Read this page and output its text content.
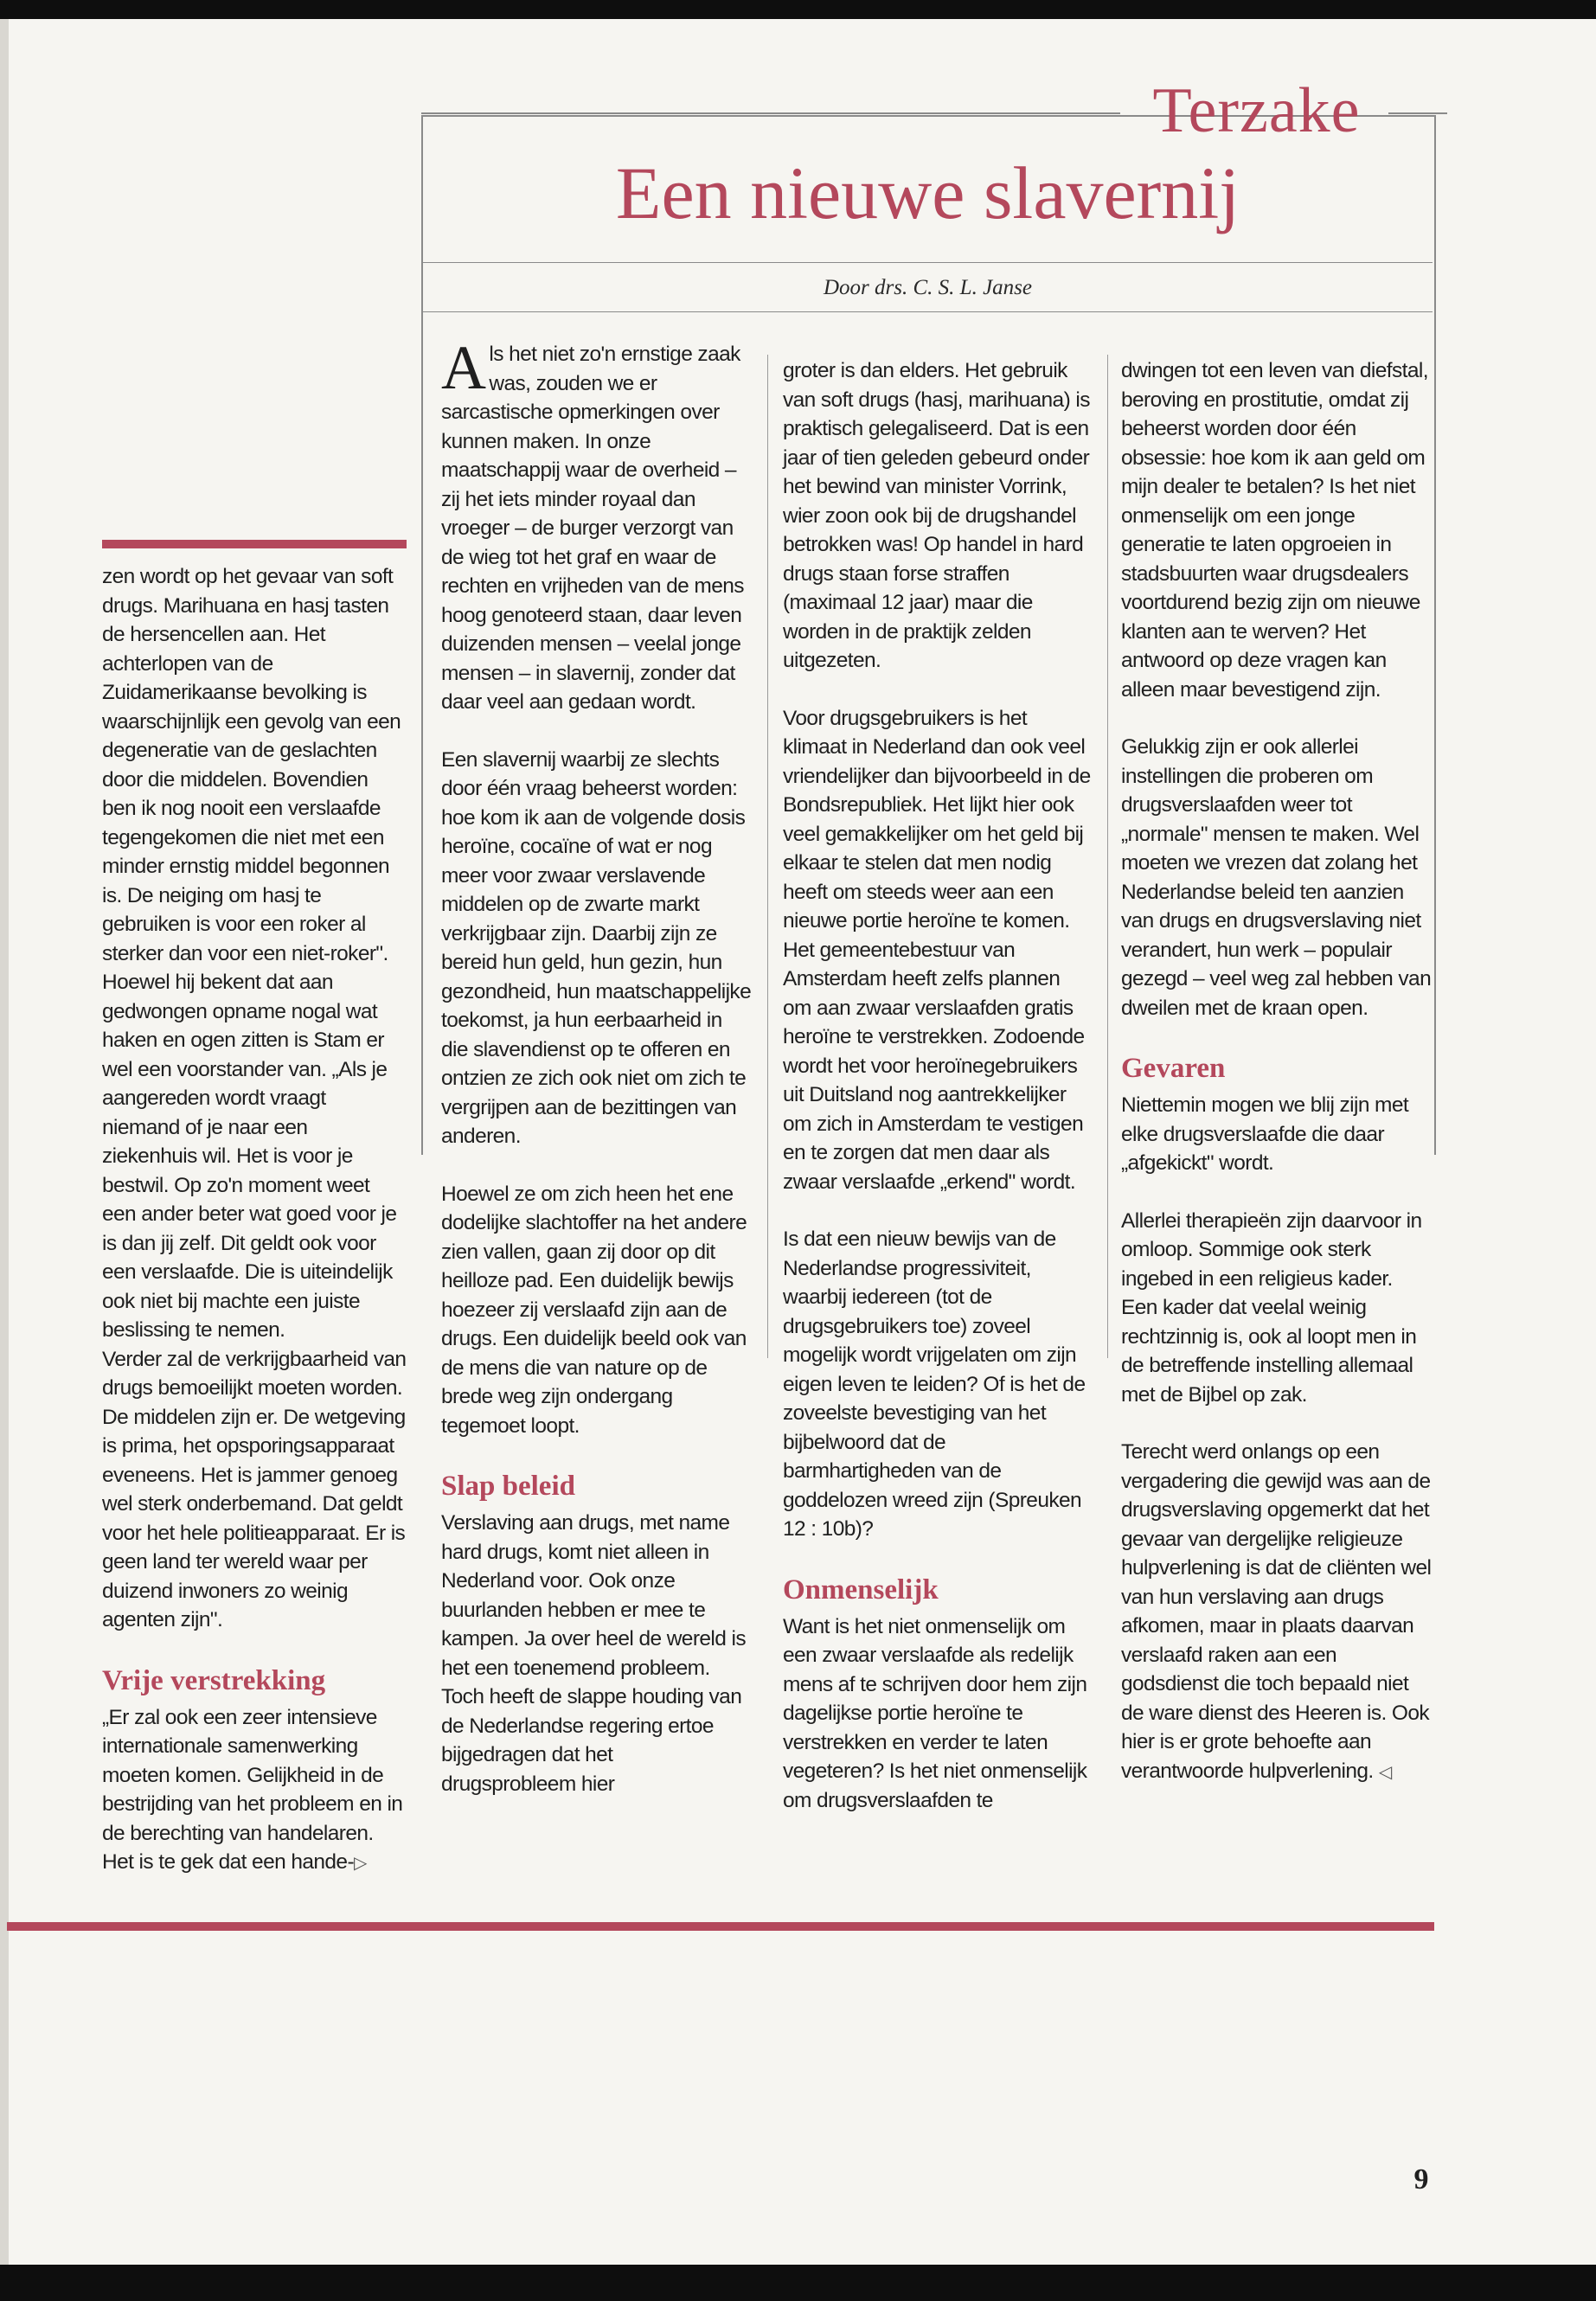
Terzake
Een nieuwe slavernij
Door drs. C. S. L. Janse

zen wordt op het gevaar van soft drugs. Marihuana en hasj tasten de hersencellen aan. Het achterlopen van de Zuidamerikaanse bevolking is waarschijnlijk een gevolg van een degeneratie van de geslachten door die middelen. Bovendien ben ik nog nooit een verslaafde tegengekomen die niet met een minder ernstig middel begonnen is. De neiging om hasj te gebruiken is voor een roker al sterker dan voor een niet-roker".

Hoewel hij bekent dat aan gedwongen opname nogal wat haken en ogen zitten is Stam er wel een voorstander van. „Als je aangereden wordt vraagt niemand of je naar een ziekenhuis wil. Het is voor je bestwil. Op zo'n moment weet een ander beter wat goed voor je is dan jij zelf. Dit geldt ook voor een verslaafde. Die is uiteindelijk ook niet bij machte een juiste beslissing te nemen.

Verder zal de verkrijgbaarheid van drugs bemoeilijkt moeten worden. De middelen zijn er. De wetgeving is prima, het opsporingsapparaat eveneens. Het is jammer genoeg wel sterk onderbemand. Dat geldt voor het hele politieapparaat. Er is geen land ter wereld waar per duizend inwoners zo weinig agenten zijn".

Vrije verstrekking

„Er zal ook een zeer intensieve internationale samenwerking moeten komen. Gelijkheid in de bestrijding van het probleem en in de berechting van handelaren. Het is te gek dat een hande-▷

Als het niet zo'n ernstige zaak was, zouden we er sarcastische opmerkingen over kunnen maken. In onze maatschappij waar de overheid – zij het iets minder royaal dan vroeger – de burger verzorgt van de wieg tot het graf en waar de rechten en vrijheden van de mens hoog genoteerd staan, daar leven duizenden mensen – veelal jonge mensen – in slavernij, zonder dat daar veel aan gedaan wordt.

Een slavernij waarbij ze slechts door één vraag beheerst worden: hoe kom ik aan de volgende dosis heroïne, cocaïne of wat er nog meer voor zwaar verslavende middelen op de zwarte markt verkrijgbaar zijn. Daarbij zijn ze bereid hun geld, hun gezin, hun gezondheid, hun maatschappelijke toekomst, ja hun eerbaarheid in die slavendienst op te offeren en ontzien ze zich ook niet om zich te vergrijpen aan de bezittingen van anderen.

Hoewel ze om zich heen het ene dodelijke slachtoffer na het andere zien vallen, gaan zij door op dit heilloze pad. Een duidelijk bewijs hoezeer zij verslaafd zijn aan de drugs. Een duidelijk beeld ook van de mens die van nature op de brede weg zijn ondergang tegemoet loopt.

Slap beleid

Verslaving aan drugs, met name hard drugs, komt niet alleen in Nederland voor. Ook onze buurlanden hebben er mee te kampen. Ja over heel de wereld is het een toenemend probleem. Toch heeft de slappe houding van de Nederlandse regering ertoe bijgedragen dat het drugsprobleem hier

groter is dan elders. Het gebruik van soft drugs (hasj, marihuana) is praktisch gelegaliseerd. Dat is een jaar of tien geleden gebeurd onder het bewind van minister Vorrink, wier zoon ook bij de drugshandel betrokken was! Op handel in hard drugs staan forse straffen (maximaal 12 jaar) maar die worden in de praktijk zelden uitgezeten.

Voor drugsgebruikers is het klimaat in Nederland dan ook veel vriendelijker dan bijvoorbeeld in de Bondsrepubliek. Het lijkt hier ook veel gemakkelijker om het geld bij elkaar te stelen dat men nodig heeft om steeds weer aan een nieuwe portie heroïne te komen. Het gemeentebestuur van Amsterdam heeft zelfs plannen om aan zwaar verslaafden gratis heroïne te verstrekken. Zodoende wordt het voor heroïnegebruikers uit Duitsland nog aantrekkelijker om zich in Amsterdam te vestigen en te zorgen dat men daar als zwaar verslaafde „erkend" wordt.

Is dat een nieuw bewijs van de Nederlandse progressiviteit, waarbij iedereen (tot de drugsgebruikers toe) zoveel mogelijk wordt vrijgelaten om zijn eigen leven te leiden? Of is het de zoveelste bevestiging van het bijbelwoord dat de barmhartigheden van de goddelozen wreed zijn (Spreuken 12 : 10b)?

Onmenselijk

Want is het niet onmenselijk om een zwaar verslaafde als redelijk mens af te schrijven door hem zijn dagelijkse portie heroïne te verstrekken en verder te laten vegeteren? Is het niet onmenselijk om drugsverslaafden te

dwingen tot een leven van diefstal, beroving en prostitutie, omdat zij beheerst worden door één obsessie: hoe kom ik aan geld om mijn dealer te betalen? Is het niet onmenselijk om een jonge generatie te laten opgroeien in stadsbuurten waar drugsdealers voortdurend bezig zijn om nieuwe klanten aan te werven? Het antwoord op deze vragen kan alleen maar bevestigend zijn.

Gelukkig zijn er ook allerlei instellingen die proberen om drugsverslaafden weer tot „normale" mensen te maken. Wel moeten we vrezen dat zolang het Nederlandse beleid ten aanzien van drugs en drugsverslaving niet verandert, hun werk – populair gezegd – veel weg zal hebben van dweilen met de kraan open.

Gevaren

Niettemin mogen we blij zijn met elke drugsverslaafde die daar „afgekickt" wordt.

Allerlei therapieën zijn daarvoor in omloop. Sommige ook sterk ingebed in een religieus kader. Een kader dat veelal weinig rechtzinnig is, ook al loopt men in de betreffende instelling allemaal met de Bijbel op zak.

Terecht werd onlangs op een vergadering die gewijd was aan de drugsverslaving opgemerkt dat het gevaar van dergelijke religieuze hulpverlening is dat de cliënten wel van hun verslaving aan drugs afkomen, maar in plaats daarvan verslaafd raken aan een godsdienst die toch bepaald niet de ware dienst des Heeren is. Ook hier is er grote behoefte aan verantwoorde hulpverlening. ◁

9
